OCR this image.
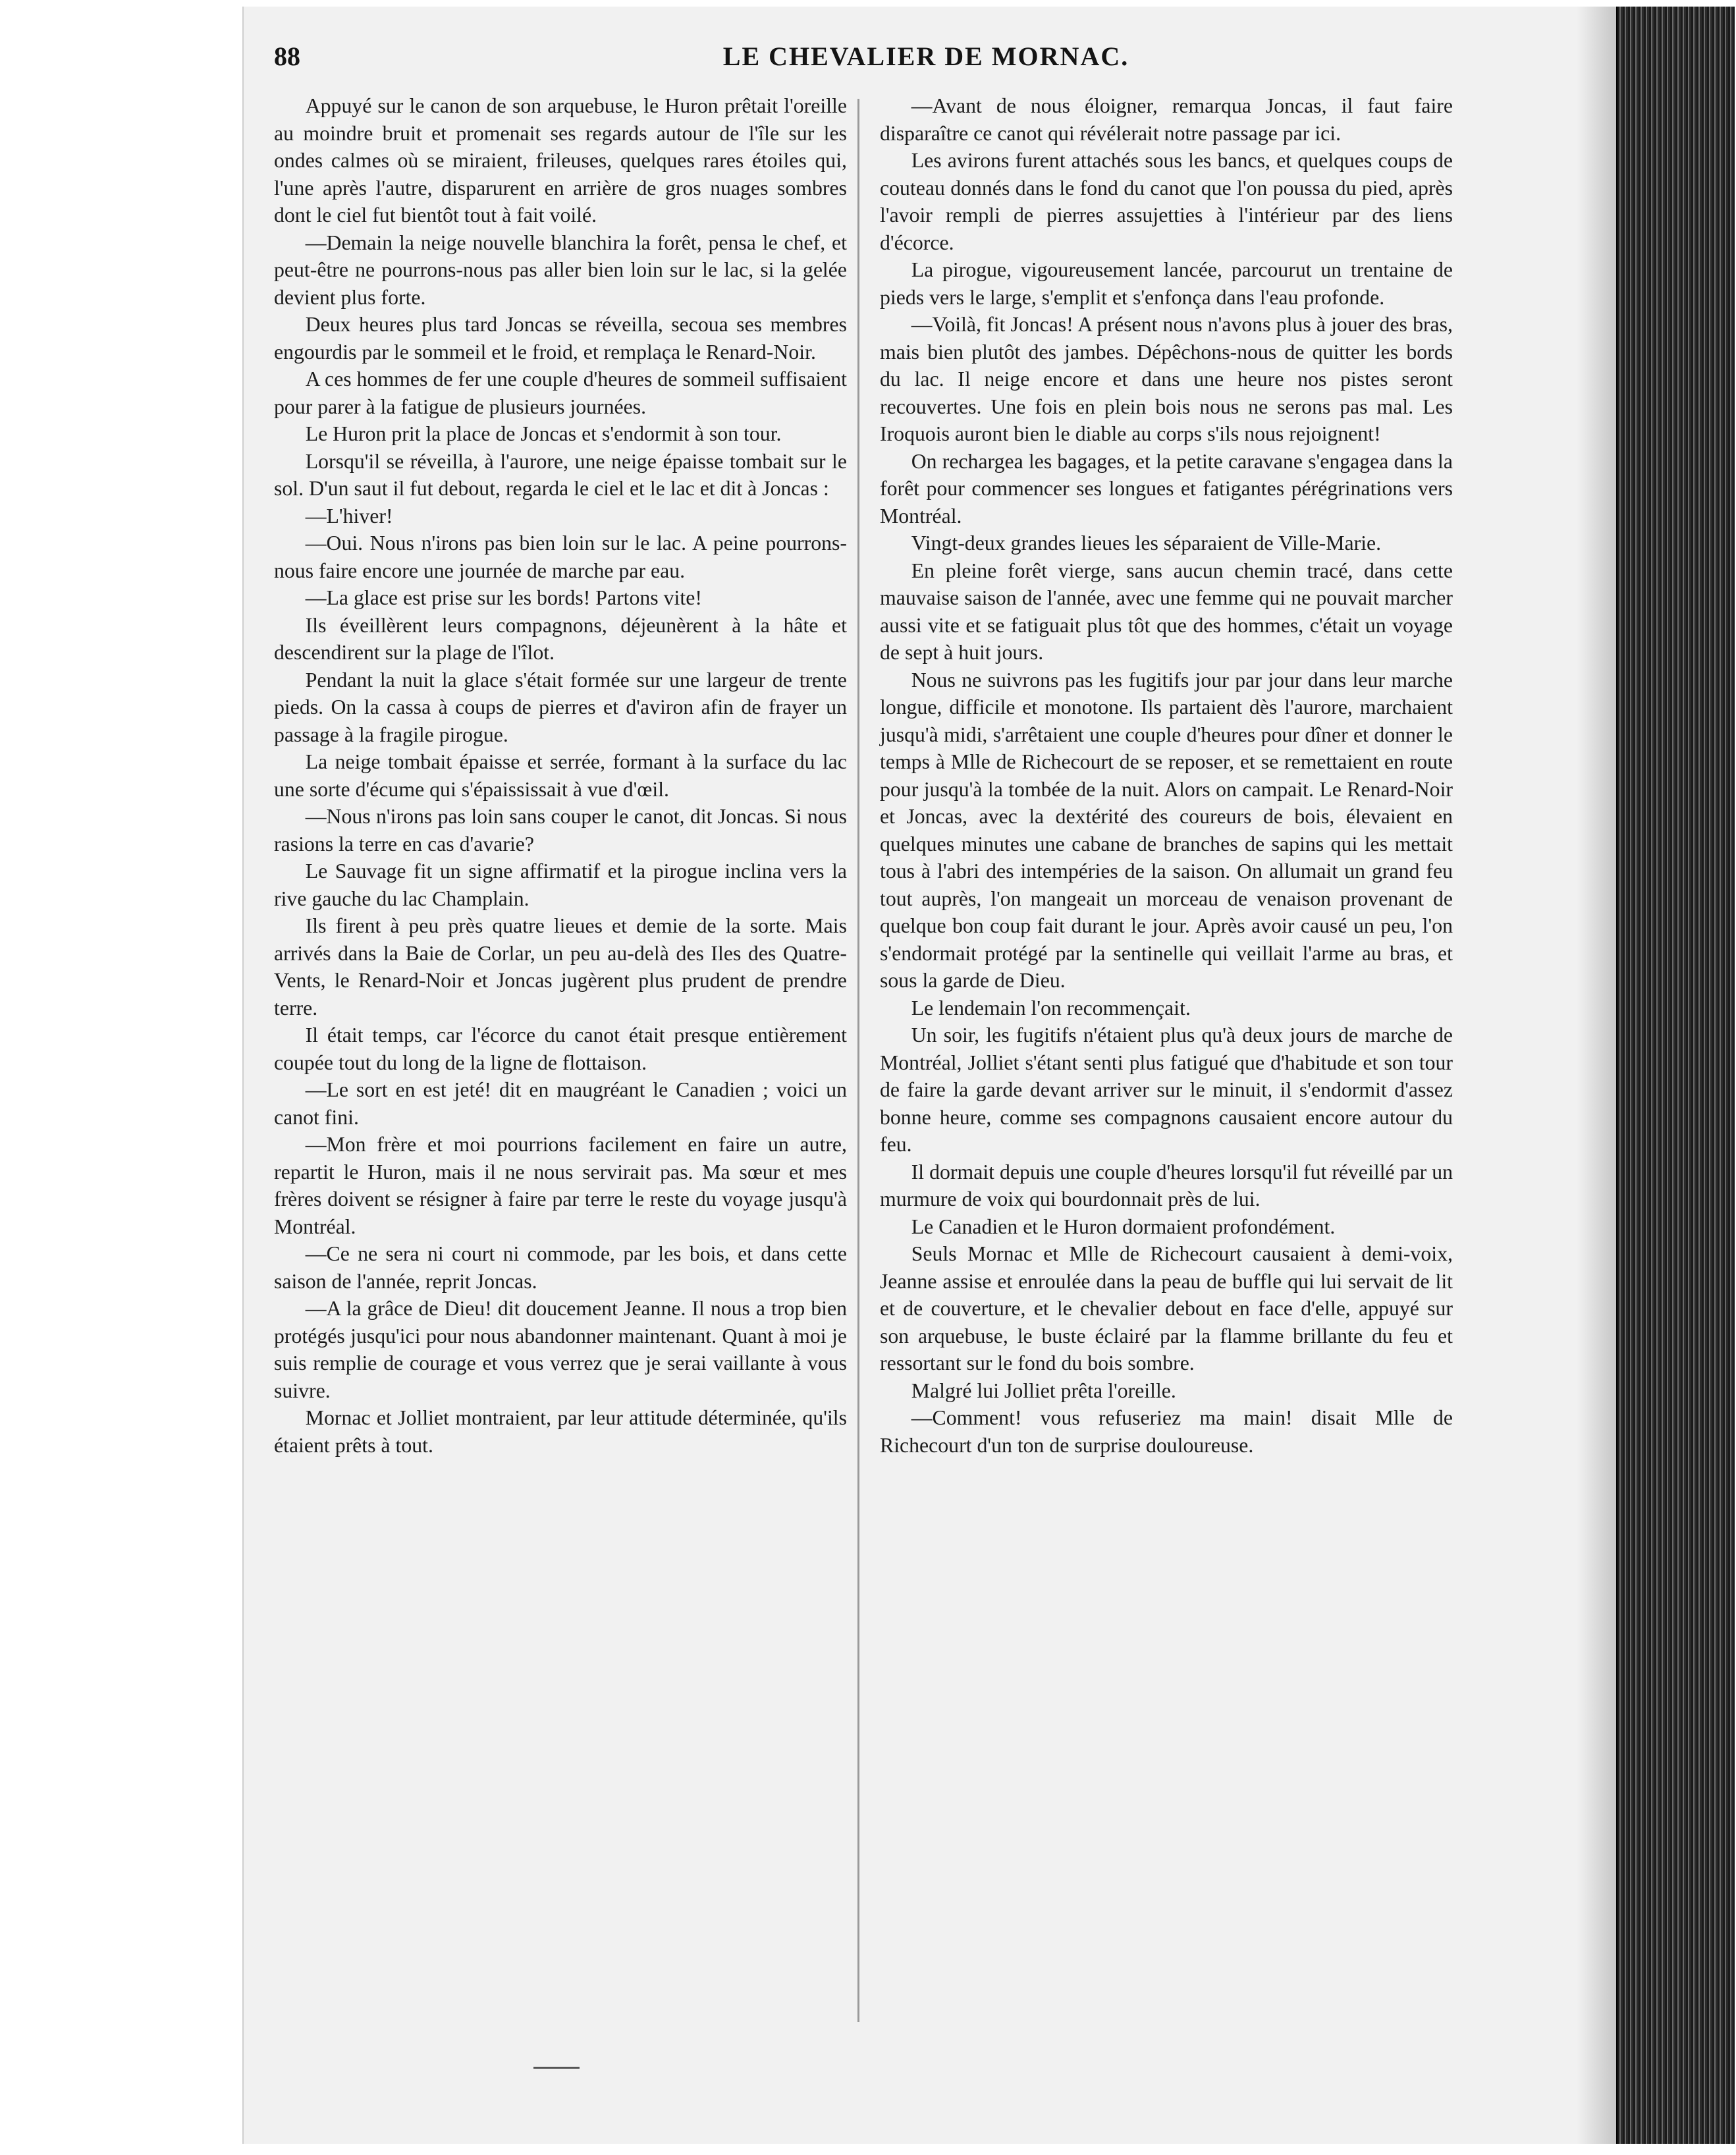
88	LE CHEVALIER DE MORNAC.

Appuyé sur le canon de son arquebuse, le Huron prêtait l'oreille au moindre bruit et promenait ses regards autour de l'île sur les ondes calmes où se miraient, frileuses, quelques rares étoiles qui, l'une après l'autre, disparurent en arrière de gros nuages sombres dont le ciel fut bientôt tout à fait voilé.

—Demain la neige nouvelle blanchira la forêt, pensa le chef, et peut-être ne pourrons-nous pas aller bien loin sur le lac, si la gelée devient plus forte.

Deux heures plus tard Joncas se réveilla, secoua ses membres engourdis par le sommeil et le froid, et remplaça le Renard-Noir.

A ces hommes de fer une couple d'heures de sommeil suffisaient pour parer à la fatigue de plusieurs journées.

Le Huron prit la place de Joncas et s'endormit à son tour.

Lorsqu'il se réveilla, à l'aurore, une neige épaisse tombait sur le sol. D'un saut il fut debout, regarda le ciel et le lac et dit à Joncas :

—L'hiver!

—Oui. Nous n'irons pas bien loin sur le lac. A peine pourrons-nous faire encore une journée de marche par eau.

—La glace est prise sur les bords! Partons vite!

Ils éveillèrent leurs compagnons, déjeunèrent à la hâte et descendirent sur la plage de l'îlot.

Pendant la nuit la glace s'était formée sur une largeur de trente pieds. On la cassa à coups de pierres et d'aviron afin de frayer un passage à la fragile pirogue.

La neige tombait épaisse et serrée, formant à la surface du lac une sorte d'écume qui s'épaississait à vue d'œil.

—Nous n'irons pas loin sans couper le canot, dit Joncas. Si nous rasions la terre en cas d'avarie?

Le Sauvage fit un signe affirmatif et la pirogue inclina vers la rive gauche du lac Champlain.

Ils firent à peu près quatre lieues et demie de la sorte. Mais arrivés dans la Baie de Corlar, un peu au-delà des Iles des Quatre-Vents, le Renard-Noir et Joncas jugèrent plus prudent de prendre terre.

Il était temps, car l'écorce du canot était presque entièrement coupée tout du long de la ligne de flottaison.

—Le sort en est jeté! dit en maugréant le Canadien ; voici un canot fini.

—Mon frère et moi pourrions facilement en faire un autre, repartit le Huron, mais il ne nous servirait pas. Ma sœur et mes frères doivent se résigner à faire par terre le reste du voyage jusqu'à Montréal.

—Ce ne sera ni court ni commode, par les bois, et dans cette saison de l'année, reprit Joncas.

—A la grâce de Dieu! dit doucement Jeanne. Il nous a trop bien protégés jusqu'ici pour nous abandonner maintenant. Quant à moi je suis remplie de courage et vous verrez que je serai vaillante à vous suivre.

Mornac et Jolliet montraient, par leur attitude déterminée, qu'ils étaient prêts à tout.

—Avant de nous éloigner, remarqua Joncas, il faut faire disparaître ce canot qui révélerait notre passage par ici.

Les avirons furent attachés sous les bancs, et quelques coups de couteau donnés dans le fond du canot que l'on poussa du pied, après l'avoir rempli de pierres assujetties à l'intérieur par des liens d'écorce.

La pirogue, vigoureusement lancée, parcourut un trentaine de pieds vers le large, s'emplit et s'enfonça dans l'eau profonde.

—Voilà, fit Joncas! A présent nous n'avons plus à jouer des bras, mais bien plutôt des jambes. Dépêchons-nous de quitter les bords du lac. Il neige encore et dans une heure nos pistes seront recouvertes. Une fois en plein bois nous ne serons pas mal. Les Iroquois auront bien le diable au corps s'ils nous rejoignent!

On rechargea les bagages, et la petite caravane s'engagea dans la forêt pour commencer ses longues et fatigantes pérégrinations vers Montréal.

Vingt-deux grandes lieues les séparaient de Ville-Marie.

En pleine forêt vierge, sans aucun chemin tracé, dans cette mauvaise saison de l'année, avec une femme qui ne pouvait marcher aussi vite et se fatiguait plus tôt que des hommes, c'était un voyage de sept à huit jours.

Nous ne suivrons pas les fugitifs jour par jour dans leur marche longue, difficile et monotone. Ils partaient dès l'aurore, marchaient jusqu'à midi, s'arrêtaient une couple d'heures pour dîner et donner le temps à Mlle de Richecourt de se reposer, et se remettaient en route pour jusqu'à la tombée de la nuit. Alors on campait. Le Renard-Noir et Joncas, avec la dextérité des coureurs de bois, élevaient en quelques minutes une cabane de branches de sapins qui les mettait tous à l'abri des intempéries de la saison. On allumait un grand feu tout auprès, l'on mangeait un morceau de venaison provenant de quelque bon coup fait durant le jour. Après avoir causé un peu, l'on s'endormait protégé par la sentinelle qui veillait l'arme au bras, et sous la garde de Dieu.

Le lendemain l'on recommençait.

Un soir, les fugitifs n'étaient plus qu'à deux jours de marche de Montréal, Jolliet s'étant senti plus fatigué que d'habitude et son tour de faire la garde devant arriver sur le minuit, il s'endormit d'assez bonne heure, comme ses compagnons causaient encore autour du feu.

Il dormait depuis une couple d'heures lorsqu'il fut réveillé par un murmure de voix qui bourdonnait près de lui.

Le Canadien et le Huron dormaient profondément.

Seuls Mornac et Mlle de Richecourt causaient à demi-voix, Jeanne assise et enroulée dans la peau de buffle qui lui servait de lit et de couverture, et le chevalier debout en face d'elle, appuyé sur son arquebuse, le buste éclairé par la flamme brillante du feu et ressortant sur le fond du bois sombre.

Malgré lui Jolliet prêta l'oreille.

—Comment! vous refuseriez ma main! disait Mlle de Richecourt d'un ton de surprise douloureuse.
